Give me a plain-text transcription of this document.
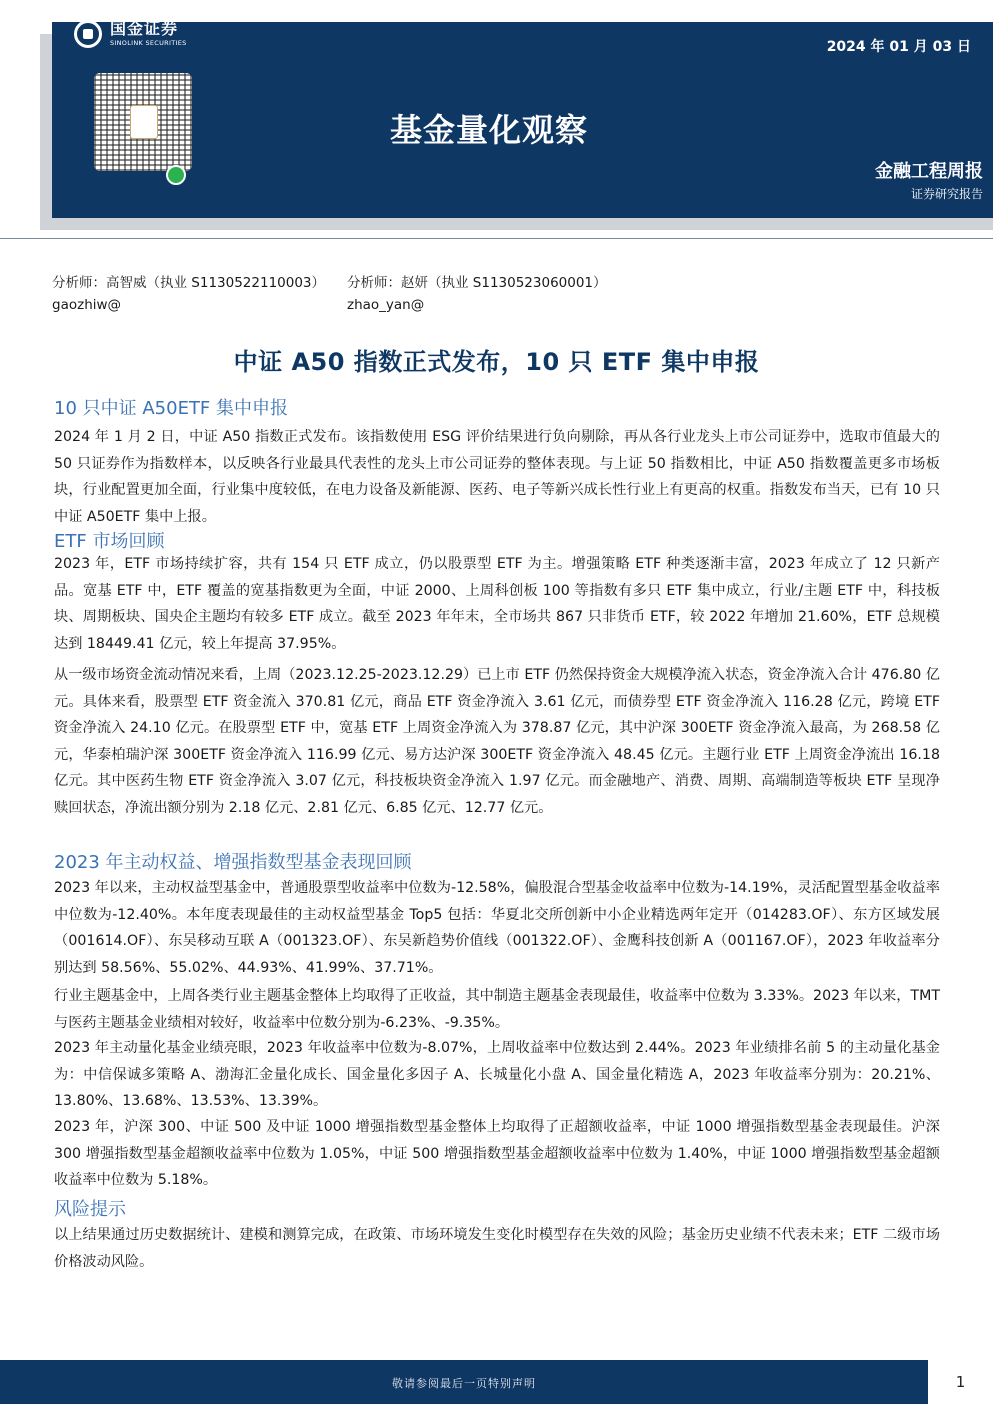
国金证券
SINOLINK SECURITIES	2024 年 01 月 03 日
基金量化观察
金融工程周报
证券研究报告
分析师：高智威（执业 S1130522110003）
gaozhiw@
分析师：赵妍（执业 S1130523060001）
zhao_yan@
中证 A50 指数正式发布，10 只 ETF 集中申报
10 只中证 A50ETF 集中申报
2024 年 1 月 2 日，中证 A50 指数正式发布。该指数使用 ESG 评价结果进行负向剔除，再从各行业龙头上市公司证券中，选取市值最大的 50 只证券作为指数样本，以反映各行业最具代表性的龙头上市公司证券的整体表现。与上证 50 指数相比，中证 A50 指数覆盖更多市场板块，行业配置更加全面，行业集中度较低，在电力设备及新能源、医药、电子等新兴成长性行业上有更高的权重。指数发布当天，已有 10 只中证 A50ETF 集中上报。
ETF 市场回顾
2023 年，ETF 市场持续扩容，共有 154 只 ETF 成立，仍以股票型 ETF 为主。增强策略 ETF 种类逐渐丰富，2023 年成立了 12 只新产品。宽基 ETF 中，ETF 覆盖的宽基指数更为全面，中证 2000、上周科创板 100 等指数有多只 ETF 集中成立，行业/主题 ETF 中，科技板块、周期板块、国央企主题均有较多 ETF 成立。截至 2023 年年末，全市场共 867 只非货币 ETF，较 2022 年增加 21.60%，ETF 总规模达到 18449.41 亿元，较上年提高 37.95%。
从一级市场资金流动情况来看，上周（2023.12.25-2023.12.29）已上市 ETF 仍然保持资金大规模净流入状态，资金净流入合计 476.80 亿元。具体来看，股票型 ETF 资金流入 370.81 亿元，商品 ETF 资金净流入 3.61 亿元，而债券型 ETF 资金净流入 116.28 亿元，跨境 ETF 资金净流入 24.10 亿元。在股票型 ETF 中，宽基 ETF 上周资金净流入为 378.87 亿元，其中沪深 300ETF 资金净流入最高，为 268.58 亿元，华泰柏瑞沪深 300ETF 资金净流入 116.99 亿元、易方达沪深 300ETF 资金净流入 48.45 亿元。主题行业 ETF 上周资金净流出 16.18 亿元。其中医药生物 ETF 资金净流入 3.07 亿元，科技板块资金净流入 1.97 亿元。而金融地产、消费、周期、高端制造等板块 ETF 呈现净赎回状态，净流出额分别为 2.18 亿元、2.81 亿元、6.85 亿元、12.77 亿元。
2023 年主动权益、增强指数型基金表现回顾
2023 年以来，主动权益型基金中，普通股票型收益率中位数为-12.58%，偏股混合型基金收益率中位数为-14.19%，灵活配置型基金收益率中位数为-12.40%。本年度表现最佳的主动权益型基金 Top5 包括：华夏北交所创新中小企业精选两年定开（014283.OF）、东方区域发展（001614.OF）、东吴移动互联 A（001323.OF）、东吴新趋势价值线（001322.OF）、金鹰科技创新 A（001167.OF），2023 年收益率分别达到 58.56%、55.02%、44.93%、41.99%、37.71%。
行业主题基金中，上周各类行业主题基金整体上均取得了正收益，其中制造主题基金表现最佳，收益率中位数为 3.33%。2023 年以来，TMT 与医药主题基金业绩相对较好，收益率中位数分别为-6.23%、-9.35%。
2023 年主动量化基金业绩亮眼，2023 年收益率中位数为-8.07%，上周收益率中位数达到 2.44%。2023 年业绩排名前 5 的主动量化基金为：中信保诚多策略 A、渤海汇金量化成长、国金量化多因子 A、长城量化小盘 A、国金量化精选 A，2023 年收益率分别为：20.21%、13.80%、13.68%、13.53%、13.39%。
2023 年，沪深 300、中证 500 及中证 1000 增强指数型基金整体上均取得了正超额收益率，中证 1000 增强指数型基金表现最佳。沪深 300 增强指数型基金超额收益率中位数为 1.05%，中证 500 增强指数型基金超额收益率中位数为 1.40%，中证 1000 增强指数型基金超额收益率中位数为 5.18%。
风险提示
以上结果通过历史数据统计、建模和测算完成，在政策、市场环境发生变化时模型存在失效的风险；基金历史业绩不代表未来；ETF 二级市场价格波动风险。
敬请参阅最后一页特别声明	1
